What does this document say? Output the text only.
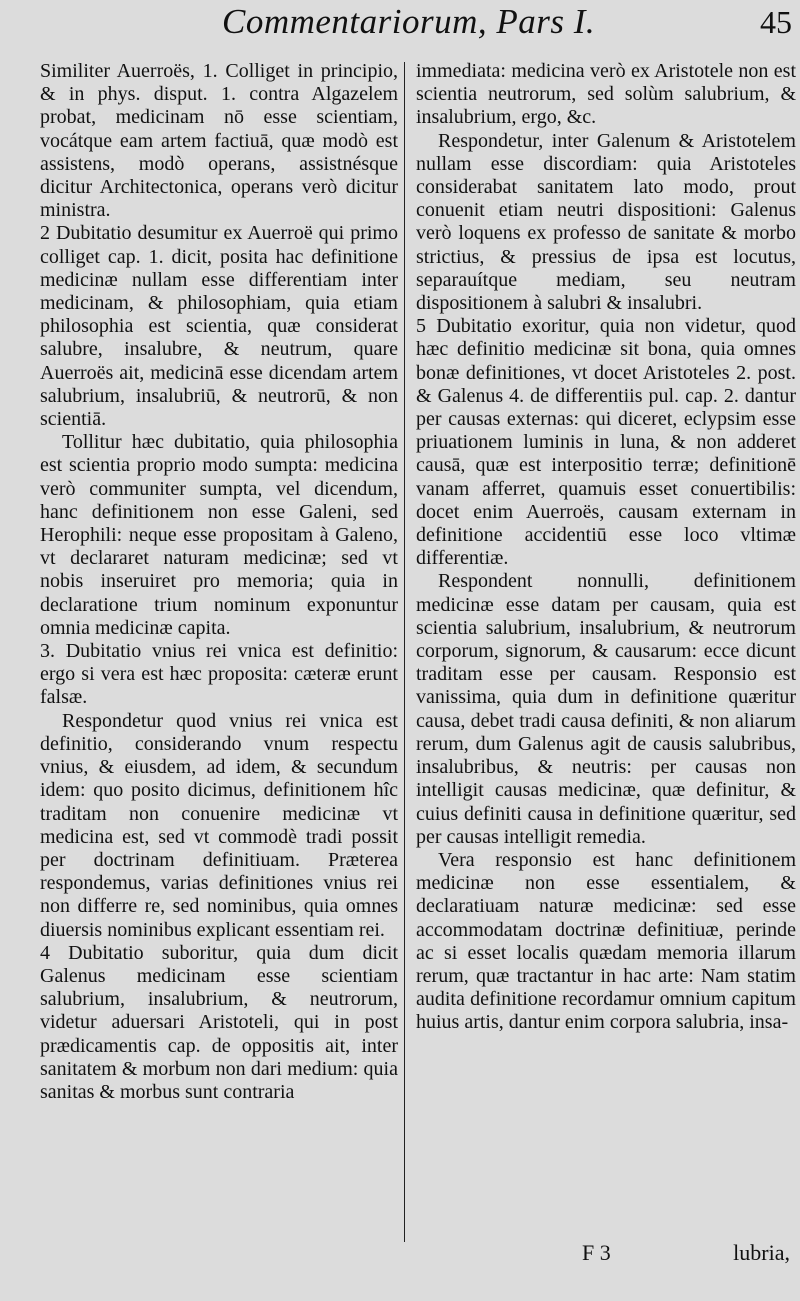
Commentariorum, Pars I.	45

Similiter Auerroës, 1. Colliget in principio, & in phys. disput. 1. contra Algazelem probat, medicinam nō esse scientiam, vocátque eam artem factiuā, quæ modò est assistens, modò operans, assistnésque dicitur Architectonica, operans verò dicitur ministra.

2 Dubitatio desumitur ex Auerroë qui primo colliget cap. 1. dicit, posita hac definitione medicinæ nullam esse differentiam inter medicinam, & philosophiam, quia etiam philosophia est scientia, quæ considerat salubre, insalubre, & neutrum, quare Auerroës ait, medicinā esse dicendam artem salubrium, insalubriū, & neutrorū, & non scientiā.

Tollitur hæc dubitatio, quia philosophia est scientia proprio modo sumpta: medicina verò communiter sumpta, vel dicendum, hanc definitionem non esse Galeni, sed Herophili: neque esse propositam à Galeno, vt declararet naturam medicinæ; sed vt nobis inseruiret pro memoria; quia in declaratione trium nominum exponuntur omnia medicinæ capita.

3. Dubitatio vnius rei vnica est definitio: ergo si vera est hæc proposita: cæteræ erunt falsæ.

Respondetur quod vnius rei vnica est definitio, considerando vnum respectu vnius, & eiusdem, ad idem, & secundum idem: quo posito dicimus, definitionem hîc traditam non conuenire medicinæ vt medicina est, sed vt commodè tradi possit per doctrinam definitiuam. Præterea respondemus, varias definitiones vnius rei non differre re, sed nominibus, quia omnes diuersis nominibus explicant essentiam rei.

4 Dubitatio suboritur, quia dum dicit Galenus medicinam esse scientiam salubrium, insalubrium, & neutrorum, videtur aduersari Aristoteli, qui in post prædicamentis cap. de oppositis ait, inter sanitatem & morbum non dari medium: quia sanitas & morbus sunt contraria

immediata: medicina verò ex Aristotele non est scientia neutrorum, sed solùm salubrium, & insalubrium, ergo, &c.

Respondetur, inter Galenum & Aristotelem nullam esse discordiam: quia Aristoteles considerabat sanitatem lato modo, prout conuenit etiam neutri dispositioni: Galenus verò loquens ex professo de sanitate & morbo strictius, & pressius de ipsa est locutus, separauítque mediam, seu neutram dispositionem à salubri & insalubri.

5 Dubitatio exoritur, quia non videtur, quod hæc definitio medicinæ sit bona, quia omnes bonæ definitiones, vt docet Aristoteles 2. post. & Galenus 4. de differentiis pul. cap. 2. dantur per causas externas: qui diceret, eclypsim esse priuationem luminis in luna, & non adderet causā, quæ est interpositio terræ; definitionē vanam afferret, quamuis esset conuertibilis: docet enim Auerroës, causam externam in definitione accidentiū esse loco vltimæ differentiæ.

Respondent nonnulli, definitionem medicinæ esse datam per causam, quia est scientia salubrium, insalubrium, & neutrorum corporum, signorum, & causarum: ecce dicunt traditam esse per causam. Responsio est vanissima, quia dum in definitione quæritur causa, debet tradi causa definiti, & non aliarum rerum, dum Galenus agit de causis salubribus, insalubribus, & neutris: per causas non intelligit causas medicinæ, quæ definitur, & cuius definiti causa in definitione quæritur, sed per causas intelligit remedia.

Vera responsio est hanc definitionem medicinæ non esse essentialem, & declaratiuam naturæ medicinæ: sed esse accommodatam doctrinæ definitiuæ, perinde ac si esset localis quædam memoria illarum rerum, quæ tractantur in hac arte: Nam statim audita definitione recordamur omnium capitum huius artis, dantur enim corpora salubria, insa-

F 3	lubria,
